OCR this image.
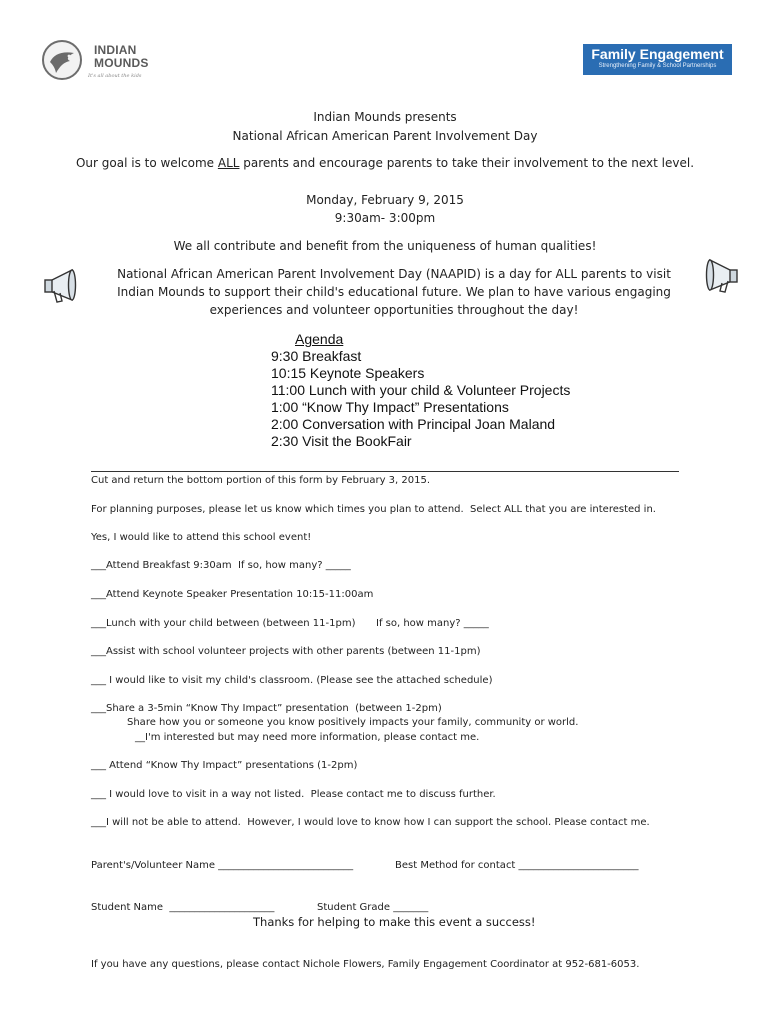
INDIAN
MOUNDS
It's all about the kids
Family Engagement
Strengthening Family & School Partnerships
Indian Mounds presents
National African American Parent Involvement Day
Our goal is to welcome ALL parents and encourage parents to take their involvement to the next level.
Monday, February 9, 2015
9:30am- 3:00pm
We all contribute and benefit from the uniqueness of human qualities!
National African American Parent Involvement Day (NAAPID) is a day for ALL parents to visit Indian Mounds to support their child's educational future. We plan to have various engaging experiences and volunteer opportunities throughout the day!
Agenda
9:30 Breakfast
10:15 Keynote Speakers
11:00 Lunch with your child & Volunteer Projects
1:00 “Know Thy Impact” Presentations
2:00 Conversation with Principal Joan Maland
2:30 Visit the BookFair
Cut and return the bottom portion of this form by February 3, 2015.
For planning purposes, please let us know which times you plan to attend.  Select ALL that you are interested in.
Yes, I would like to attend this school event!
___Attend Breakfast 9:30am  If so, how many? _____
___Attend Keynote Speaker Presentation 10:15-11:00am
___Lunch with your child between (between 11-1pm) If so, how many? _____
___Assist with school volunteer projects with other parents (between 11-1pm)
___ I would like to visit my child's classroom. (Please see the attached schedule)
___Share a 3-5min “Know Thy Impact” presentation  (between 1-2pm)
Share how you or someone you know positively impacts your family, community or world.
__I'm interested but may need more information, please contact me.
___ Attend “Know Thy Impact” presentations (1-2pm)
___ I would love to visit in a way not listed.  Please contact me to discuss further.
___I will not be able to attend.  However, I would love to know how I can support the school. Please contact me.
Parent's/Volunteer Name ___________________________	Best Method for contact ________________________
Student Name  _____________________	Student Grade _______
Thanks for helping to make this event a success!
If you have any questions, please contact Nichole Flowers, Family Engagement Coordinator at 952-681-6053.
